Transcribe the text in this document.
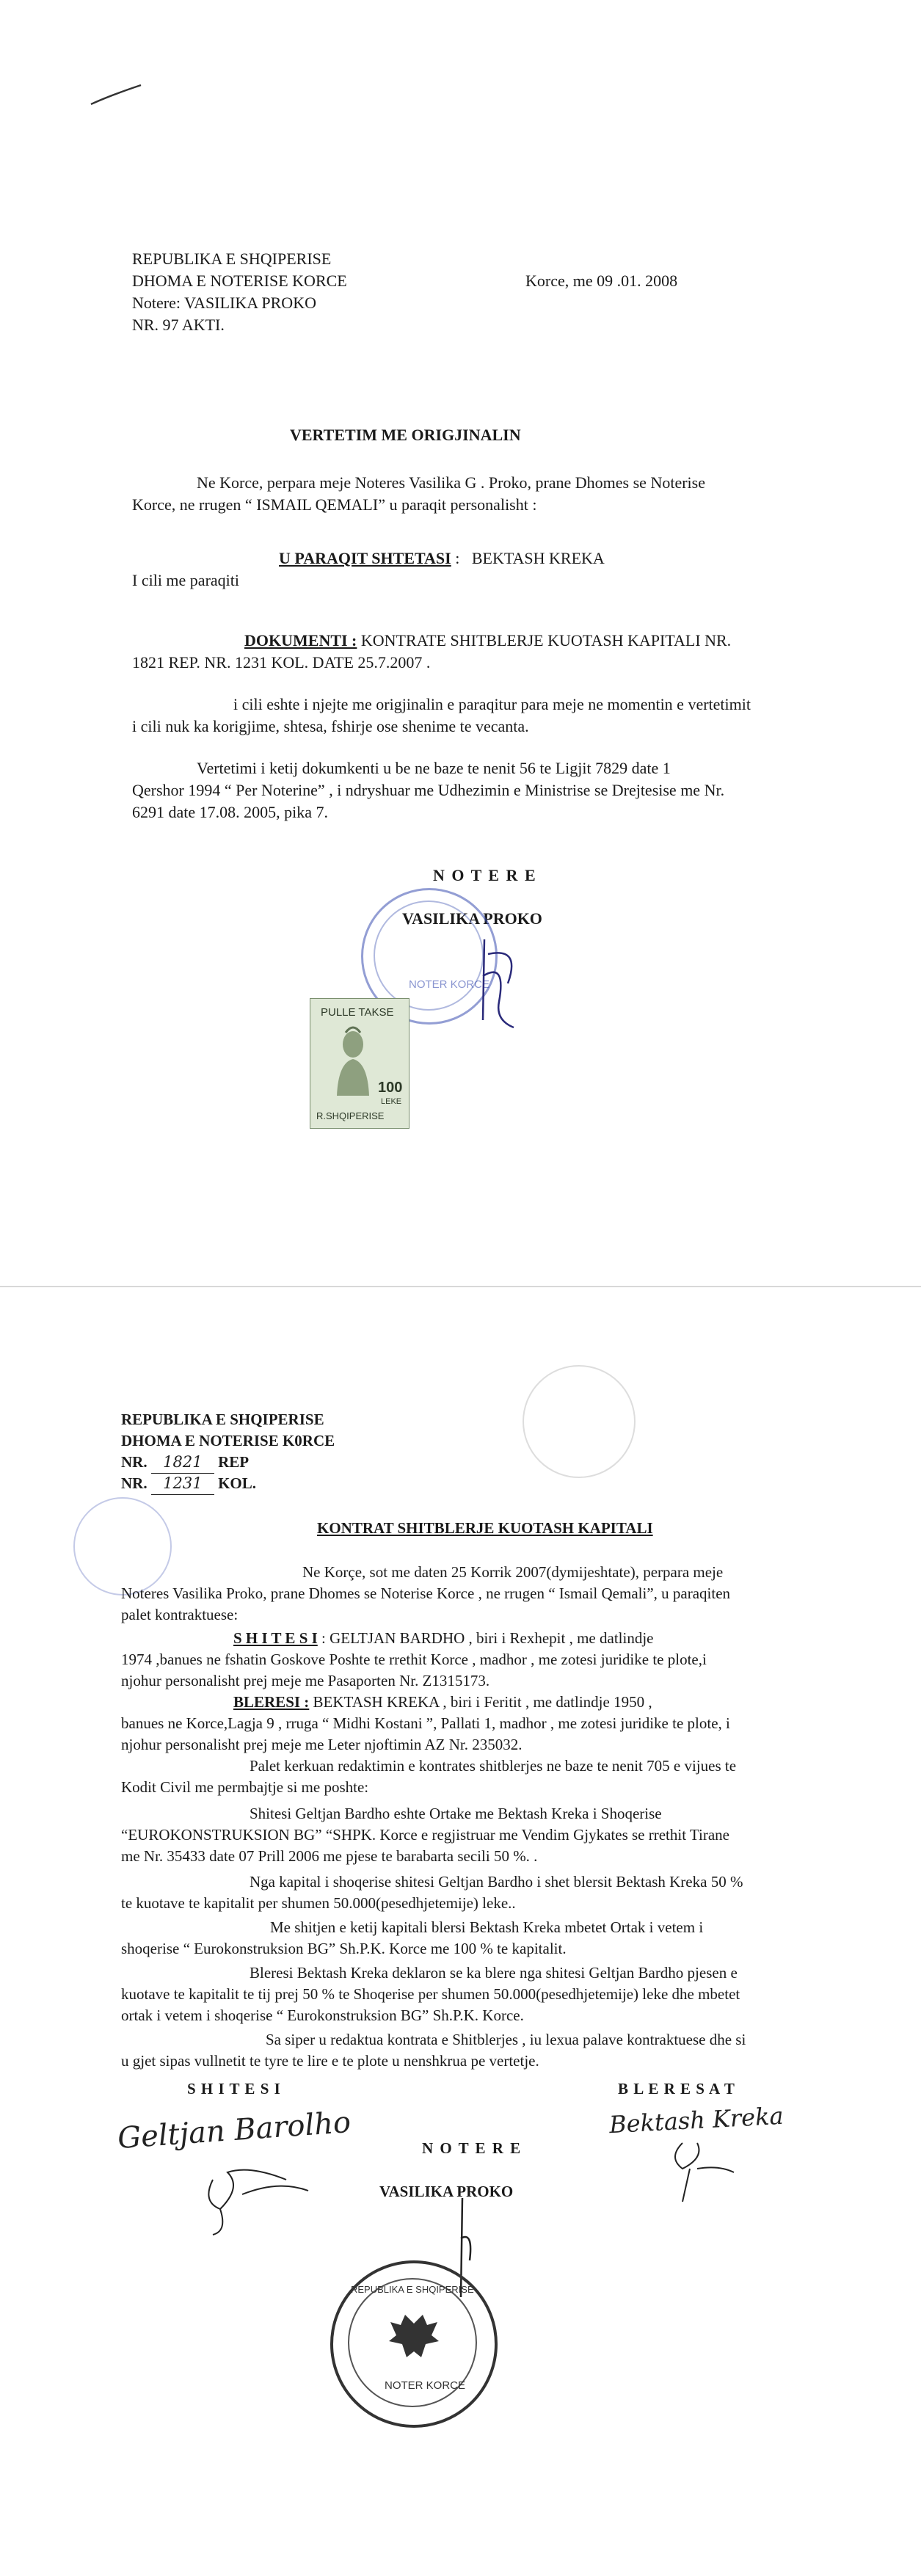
REPUBLIKA E SHQIPERISE
DHOMA E NOTERISE KORCE
Notere: VASILIKA PROKO
NR. 97 AKTI.
Korce, me 09 .01. 2008
VERTETIM ME ORIGJINALIN
Ne Korce, perpara meje Noteres Vasilika G . Proko, prane Dhomes se Noterise
Korce, ne rrugen “ ISMAIL QEMALI” u paraqit personalisht :
U PARAQIT SHTETASI : BEKTASH KREKA
I cili me paraqiti
DOKUMENTI : KONTRATE SHITBLERJE KUOTASH KAPITALI NR.
1821 REP. NR. 1231 KOL. DATE 25.7.2007 .
i cili eshte i njejte me origjinalin e paraqitur para meje ne momentin e vertetimit
i cili nuk ka korigjime, shtesa, fshirje ose shenime te vecanta.
Vertetimi i ketij dokumkenti u be ne baze te nenit 56 te Ligjit 7829 date 1
Qershor 1994 “ Per Noterine” , i ndryshuar me Udhezimin e Ministrise se Drejtesise me Nr.
6291 date 17.08. 2005, pika 7.
N O T E R E
VASILIKA PROKO
NOTER KORCE
PULLE TAKSE
100
LEKE
R.SHQIPERISE
REPUBLIKA E SHQIPERISE
DHOMA E NOTERISE K0RCE
NR. 1821 REP
NR. 1231 KOL.
KONTRAT SHITBLERJE KUOTASH KAPITALI
Ne Korçe, sot me daten 25 Korrik 2007(dymijeshtate), perpara meje
Noteres Vasilika Proko, prane Dhomes se Noterise Korce , ne rrugen “ Ismail Qemali”, u paraqiten
palet kontraktuese:
S H I T E S I : GELTJAN BARDHO , biri i Rexhepit , me datlindje
1974 ,banues ne fshatin Goskove Poshte te rrethit Korce , madhor , me zotesi juridike te plote,i
njohur personalisht prej meje me Pasaporten Nr. Z1315173.
BLERESI : BEKTASH KREKA , biri i Feritit , me datlindje 1950 ,
banues ne Korce,Lagja 9 , rruga “ Midhi Kostani ”, Pallati 1, madhor , me zotesi juridike te plote, i
njohur personalisht prej meje me Leter njoftimin AZ Nr. 235032.
Palet kerkuan redaktimin e kontrates shitblerjes ne baze te nenit 705 e vijues te
Kodit Civil me permbajtje si me poshte:
Shitesi Geltjan Bardho eshte Ortake me Bektash Kreka i Shoqerise
“EUROKONSTRUKSION BG” “SHPK. Korce e regjistruar me Vendim Gjykates se rrethit Tirane
me Nr. 35433 date 07 Prill 2006 me pjese te barabarta secili 50 %. .
Nga kapital i shoqerise shitesi Geltjan Bardho i shet blersit Bektash Kreka 50 %
te kuotave te kapitalit per shumen 50.000(pesedhjetemije) leke..
Me shitjen e ketij kapitali blersi Bektash Kreka mbetet Ortak i vetem i
shoqerise “ Eurokonstruksion BG” Sh.P.K. Korce me 100 % te kapitalit.
Bleresi Bektash Kreka deklaron se ka blere nga shitesi Geltjan Bardho pjesen e
kuotave te kapitalit te tij prej 50 % te Shoqerise per shumen 50.000(pesedhjetemije) leke dhe mbetet
ortak i vetem i shoqerise “ Eurokonstruksion BG” Sh.P.K. Korce.
Sa siper u redaktua kontrata e Shitblerjes , iu lexua palave kontraktuese dhe si
u gjet sipas vullnetit te tyre te lire e te plote u nenshkrua pe vertetje.
S H I T E S I	B L E R E S A T
Geltjan Barolho	Bektash Kreka
N O T E R E
VASILIKA PROKO
REPUBLIKA E SHQIPERISE
NOTER KORCE
